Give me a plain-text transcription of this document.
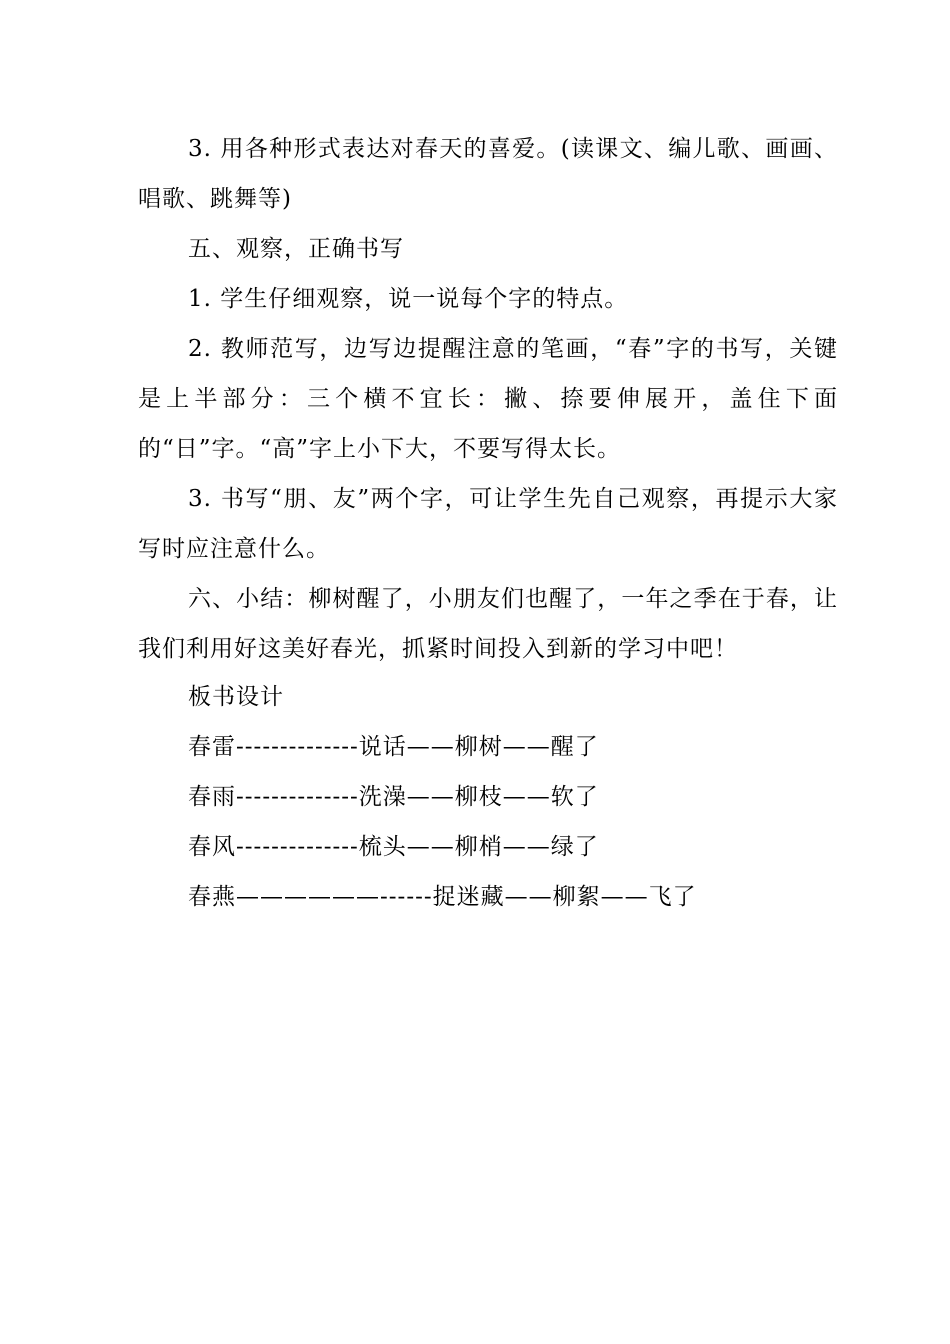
3. 用各种形式表达对春天的喜爱。(读课文、编儿歌、画画、唱歌、跳舞等)

五、观察，正确书写

1. 学生仔细观察，说一说每个字的特点。

2. 教师范写，边写边提醒注意的笔画，“春”字的书写，关键是上半部分：三个横不宜长：撇、捺要伸展开，盖住下面的“日”字。“高”字上小下大，不要写得太长。

3. 书写“朋、友”两个字，可让学生先自己观察，再提示大家写时应注意什么。

六、小结：柳树醒了，小朋友们也醒了，一年之季在于春，让我们利用好这美好春光，抓紧时间投入到新的学习中吧！

板书设计

春雷--------------说话——柳树——醒了

春雨--------------洗澡——柳枝——软了

春风--------------梳头——柳梢——绿了

春燕——————------捉迷藏——柳絮——飞了
